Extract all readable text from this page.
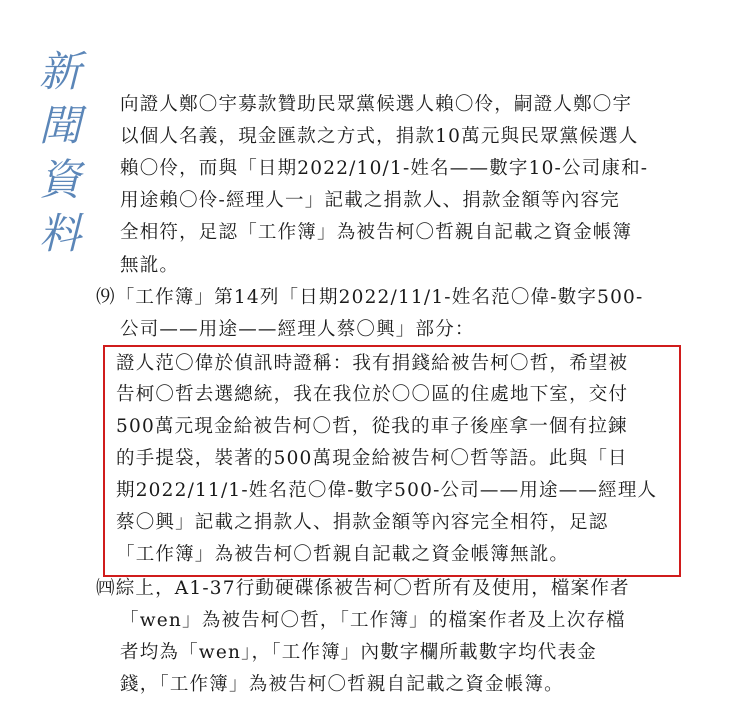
新
聞
資
料
向證人鄭〇宇募款贊助民眾黨候選人賴〇伶，嗣證人鄭〇宇
以個人名義，現金匯款之方式，捐款10萬元與民眾黨候選人
賴〇伶，而與「日期2022/10/1-姓名——數字10-公司康和-
用途賴〇伶-經理人一」記載之捐款人、捐款金額等內容完
全相符，足認「工作簿」為被告柯〇哲親自記載之資金帳簿
無訛。
⑼「工作簿」第14列「日期2022/11/1-姓名范〇偉-數字500-
公司——用途——經理人蔡〇興」部分：
證人范〇偉於偵訊時證稱：我有捐錢給被告柯〇哲，希望被
告柯〇哲去選總統，我在我位於〇〇區的住處地下室，交付
500萬元現金給被告柯〇哲，從我的車子後座拿一個有拉鍊
的手提袋，裝著的500萬現金給被告柯〇哲等語。此與「日
期2022/11/1-姓名范〇偉-數字500-公司——用途——經理人
蔡〇興」記載之捐款人、捐款金額等內容完全相符，足認
「工作簿」為被告柯〇哲親自記載之資金帳簿無訛。
㈣綜上，A1-37行動硬碟係被告柯〇哲所有及使用，檔案作者
「wen」為被告柯〇哲，「工作簿」的檔案作者及上次存檔
者均為「wen」，「工作簿」內數字欄所載數字均代表金
錢，「工作簿」為被告柯〇哲親自記載之資金帳簿。
